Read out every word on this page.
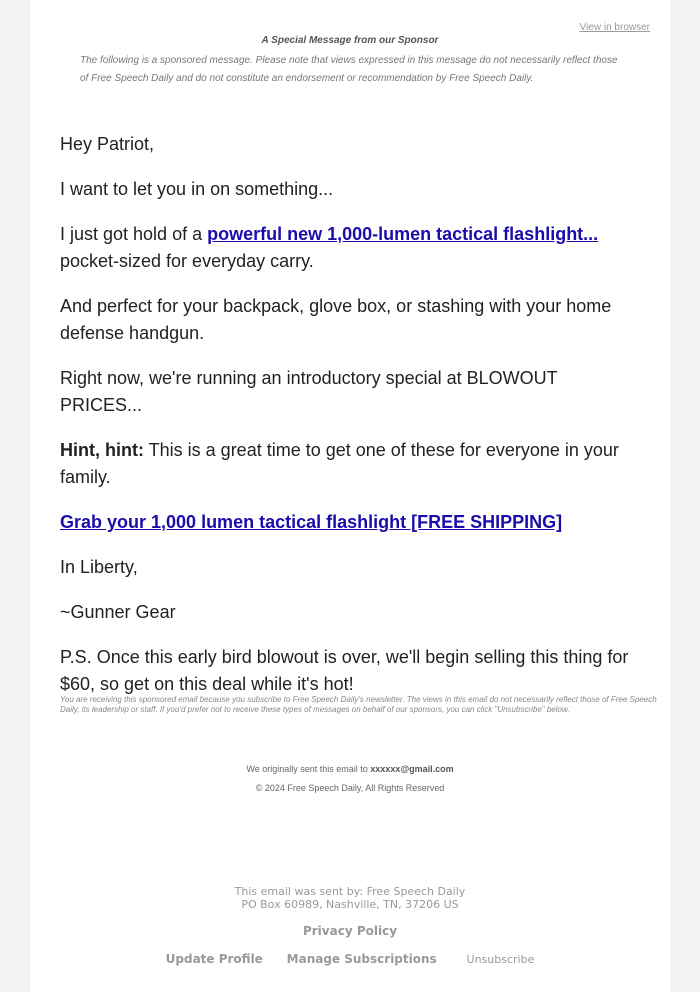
View in browser
A Special Message from our Sponsor
The following is a sponsored message. Please note that views expressed in this message do not necessarily reflect those of Free Speech Daily and do not constitute an endorsement or recommendation by Free Speech Daily.

Hey Patriot,

I want to let you in on something...

I just got hold of a powerful new 1,000-lumen tactical flashlight... pocket-sized for everyday carry.

And perfect for your backpack, glove box, or stashing with your home defense handgun.

Right now, we're running an introductory special at BLOWOUT PRICES...

Hint, hint: This is a great time to get one of these for everyone in your family.

Grab your 1,000 lumen tactical flashlight [FREE SHIPPING]

In Liberty,

~Gunner Gear

P.S. Once this early bird blowout is over, we'll begin selling this thing for $60, so get on this deal while it's hot!

You are receiving this sponsored email because you subscribe to Free Speech Daily's newsletter. The views in this email do not necessarily reflect those of Free Speech Daily, its leadership or staff. If you'd prefer not to receive these types of messages on behalf of our sponsors, you can click "Unsubscribe" below.
We originally sent this email to xxxxxx@gmail.com
© 2024 Free Speech Daily, All Rights Reserved
This email was sent by: Free Speech Daily
PO Box 60989, Nashville, TN, 37206 US
Privacy Policy
Update Profile Manage Subscriptions	Unsubscribe
